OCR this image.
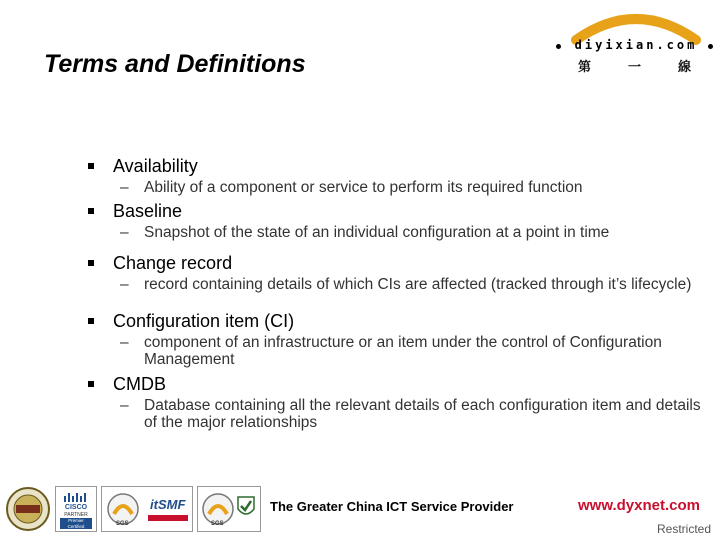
Terms and Definitions
diyixian.com
第	一	線
Availability
– Ability of a component or service to perform its required function
Baseline
– Snapshot of the state of an individual configuration at a point in time
Change record
– record containing details of which CIs are affected (tracked through it’s lifecycle)
Configuration item (CI)
– component of an infrastructure or an item under the control of Configuration Management
CMDB
– Database containing all the relevant details of each configuration item and details of the major relationships
CISCO
PARTNER
Premier Certified	SGS
itSMF
SGS
The Greater China ICT Service Provider	www.dyxnet.com
Restricted
